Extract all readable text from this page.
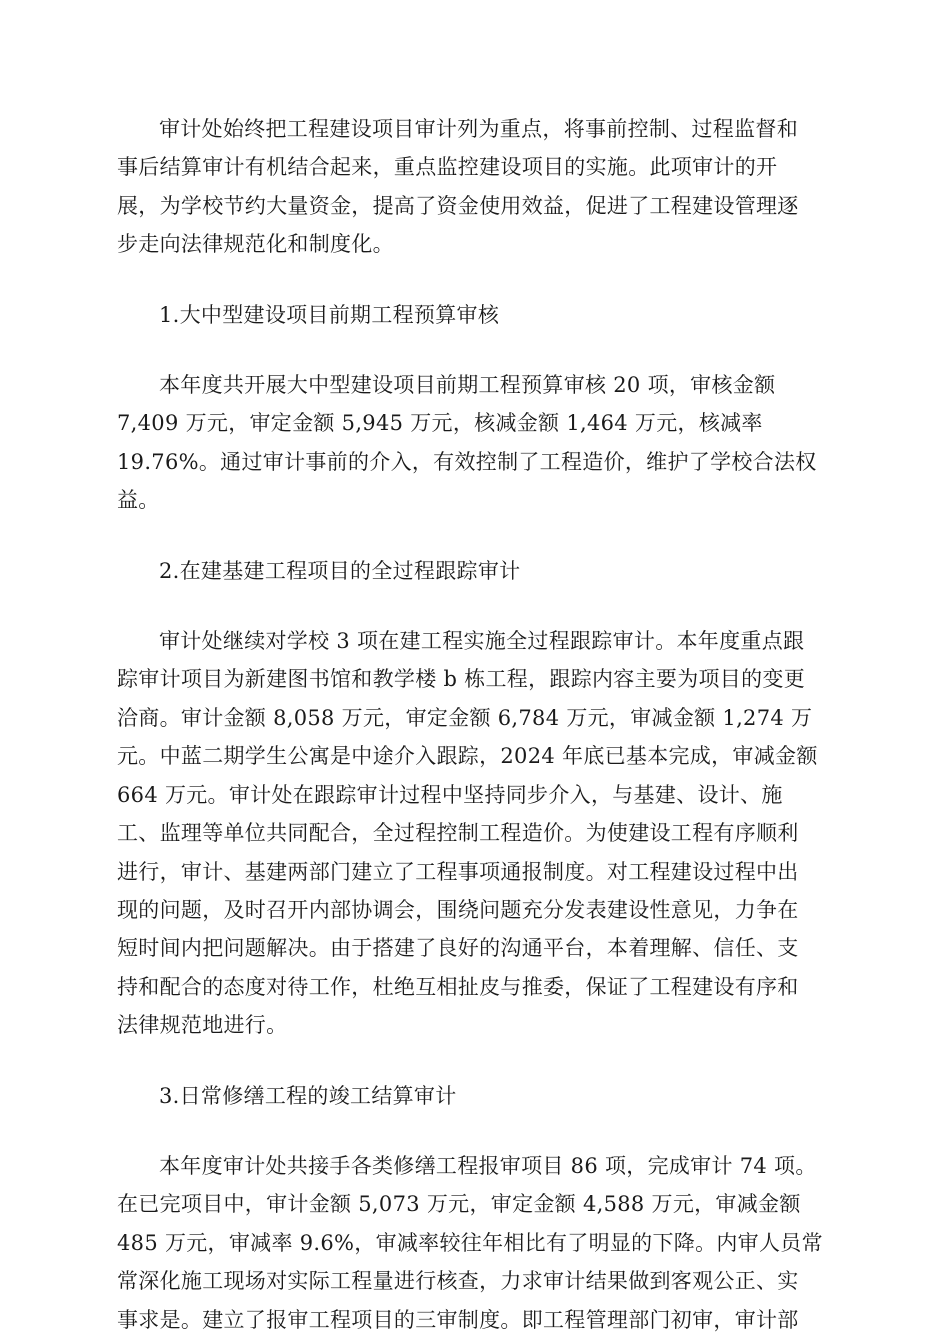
审计处始终把工程建设项目审计列为重点，将事前控制、过程监督和
事后结算审计有机结合起来，重点监控建设项目的实施。此项审计的开
展，为学校节约大量资金，提高了资金使用效益，促进了工程建设管理逐
步走向法律规范化和制度化。

1.大中型建设项目前期工程预算审核

本年度共开展大中型建设项目前期工程预算审核 20 项，审核金额
7,409 万元，审定金额 5,945 万元，核减金额 1,464 万元，核减率
19.76%。通过审计事前的介入，有效控制了工程造价，维护了学校合法权
益。

2.在建基建工程项目的全过程跟踪审计

审计处继续对学校 3 项在建工程实施全过程跟踪审计。本年度重点跟
踪审计项目为新建图书馆和教学楼 b 栋工程，跟踪内容主要为项目的变更
洽商。审计金额 8,058 万元，审定金额 6,784 万元，审减金额 1,274 万
元。中蓝二期学生公寓是中途介入跟踪，2024 年底已基本完成，审减金额
664 万元。审计处在跟踪审计过程中坚持同步介入，与基建、设计、施
工、监理等单位共同配合，全过程控制工程造价。为使建设工程有序顺利
进行，审计、基建两部门建立了工程事项通报制度。对工程建设过程中出
现的问题，及时召开内部协调会，围绕问题充分发表建设性意见，力争在
短时间内把问题解决。由于搭建了良好的沟通平台，本着理解、信任、支
持和配合的态度对待工作，杜绝互相扯皮与推委，保证了工程建设有序和
法律规范地进行。

3.日常修缮工程的竣工结算审计

本年度审计处共接手各类修缮工程报审项目 86 项，完成审计 74 项。
在已完项目中，审计金额 5,073 万元，审定金额 4,588 万元，审减金额
485 万元，审减率 9.6%，审减率较往年相比有了明显的下降。内审人员常
常深化施工现场对实际工程量进行核查，力求审计结果做到客观公正、实
事求是。建立了报审工程项目的三审制度。即工程管理部门初审，审计部
